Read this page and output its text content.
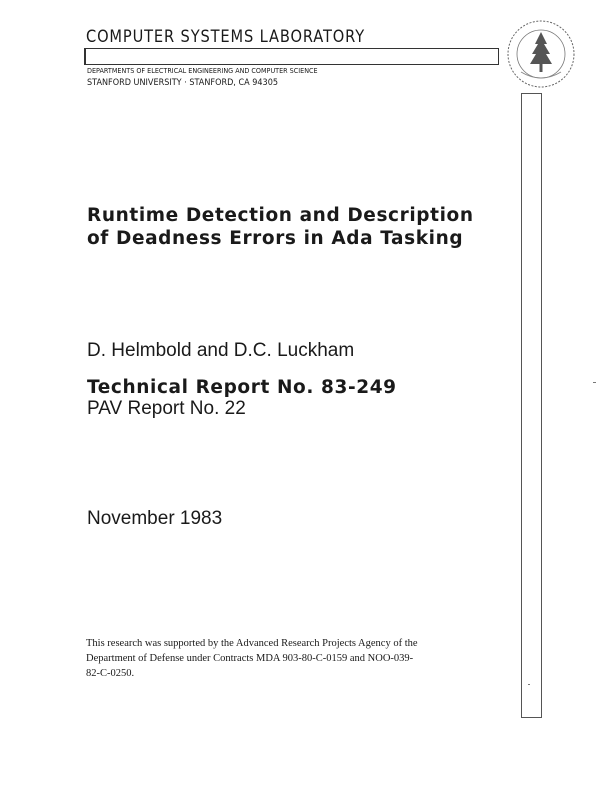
COMPUTER SYSTEMS LABORATORY
DEPARTMENTS OF ELECTRICAL ENGINEERING AND COMPUTER SCIENCE
STANFORD UNIVERSITY · STANFORD, CA 94305
Runtime Detection and Description
of Deadness Errors in Ada Tasking
D. Helmbold and D.C. Luckham
Technical Report No. 83-249
PAV Report No. 22
November 1983
This research was supported by the Advanced Research Projects Agency of the
Department of Defense under Contracts MDA 903-80-C-0159 and NOO-039-
82-C-0250.
